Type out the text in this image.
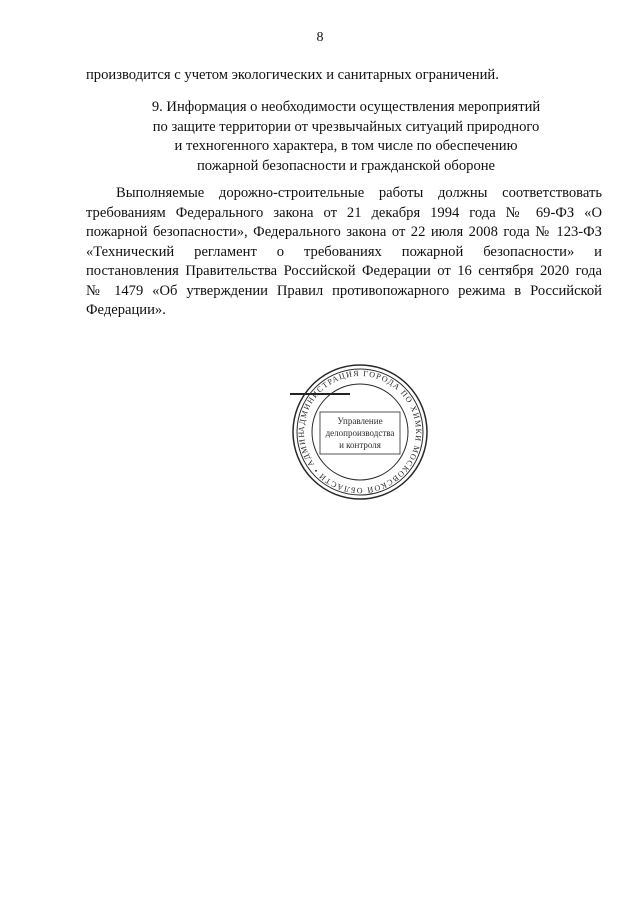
8
производится с учетом экологических и санитарных ограничений.
9. Информация о необходимости осуществления мероприятий
по защите территории от чрезвычайных ситуаций природного
и техногенного характера, в том числе по обеспечению
пожарной безопасности и гражданской обороне
Выполняемые дорожно-строительные работы должны соответствовать
требованиям Федерального закона от 21 декабря 1994 года № 69-ФЗ «О
пожарной безопасности», Федерального закона от 22 июля 2008 года № 123-ФЗ
«Технический регламент о требованиях пожарной безопасности» и
постановления Правительства Российской Федерации от 16 сентября 2020 года
№ 1479 «Об утверждении Правил противопожарного режима в Российской
Федерации».
АДМИНИСТРАЦИЯ ГОРОДА ПО ХИМКИ МОСКОВСКОЙ ОБЛАСТИ • АДМИН
Управление
делопроизводства
и контроля
